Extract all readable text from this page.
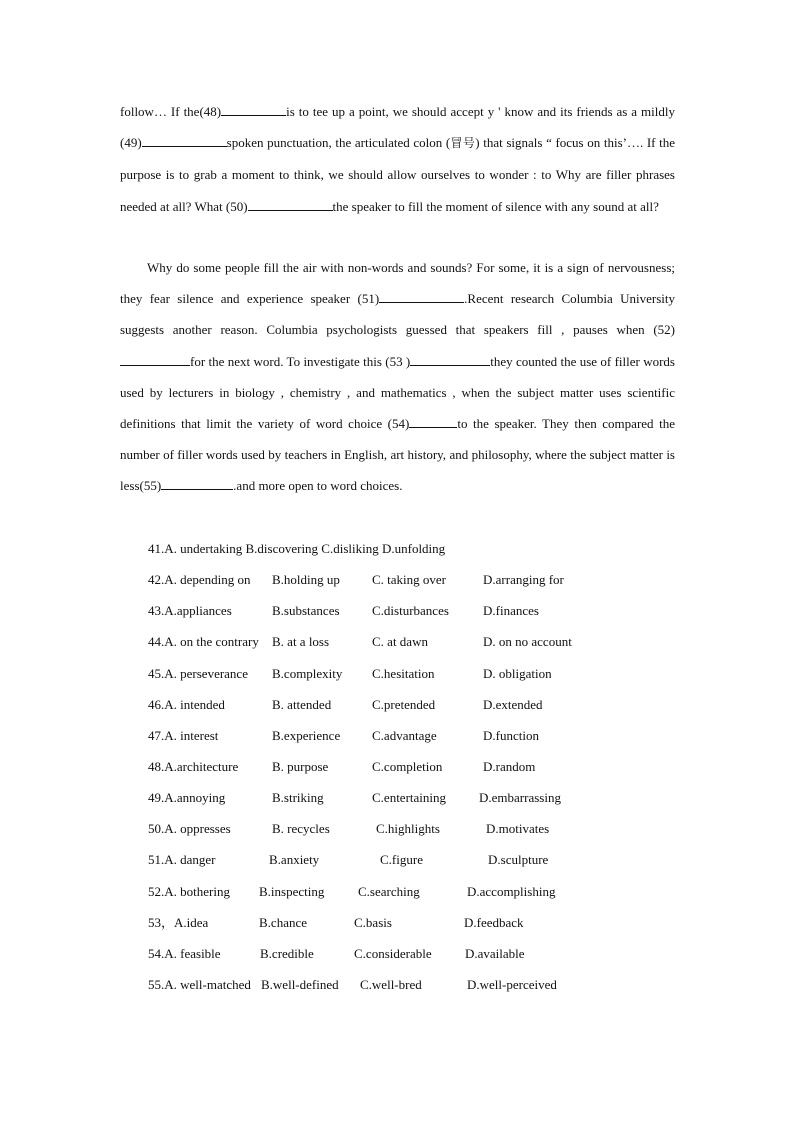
follow… If the(48)	is to tee up a point, we should accept y ' know and its friends as a mildly (49)	spoken punctuation, the articulated colon (冒号) that signals “ focus on this’…. If the purpose is to grab a moment to think, we should allow ourselves to wonder : to Why are filler phrases needed at all? What (50)	the speaker to fill the moment of silence with any sound at all?
Why do some people fill the air with non-words and sounds? For some, it is a sign of nervousness; they fear silence and experience speaker (51)	.Recent research Columbia University suggests another reason. Columbia psychologists guessed that speakers fill , pauses when (52)for the next word. To investigate this (53 )	they counted the use of filler words used by lecturers in biology , chemistry , and mathematics , when the subject matter uses scientific definitions that limit the variety of word choice (54)	to the speaker. They then compared the number of filler words used by teachers in English, art history, and philosophy, where the subject matter is less(55)	.and more open to word choices.
41.A. undertaking B.discovering C.disliking D.unfolding
42.A. depending on B.holding up C. taking over	D.arranging for
43.A.appliances	B.substances C.disturbances	D.finances
44.A. on the contrary B. at a loss	C. at dawn	D. on no account
45.A. perseverance B.complexity C.hesitation	D. obligation
46.A. intended	B. attended	C.pretended	D.extended
47.A. interest	B.experience C.advantage	D.function
48.A.architecture	B. purpose	C.completion	D.random
49.A.annoying	B.striking	C.entertaining	D.embarrassing
50.A. oppresses	B. recycles	C.highlights	D.motivates
51.A. danger	B.anxiety	C.figure	D.sculpture
52.A. bothering B.inspecting	C.searching	D.accomplishing
53，A.idea	B.chance	C.basis	D.feedback
54.A. feasible	B.credible	C.considerable	D.available
55.A. well-matched B.well-defined C.well-bred	D.well-perceived
